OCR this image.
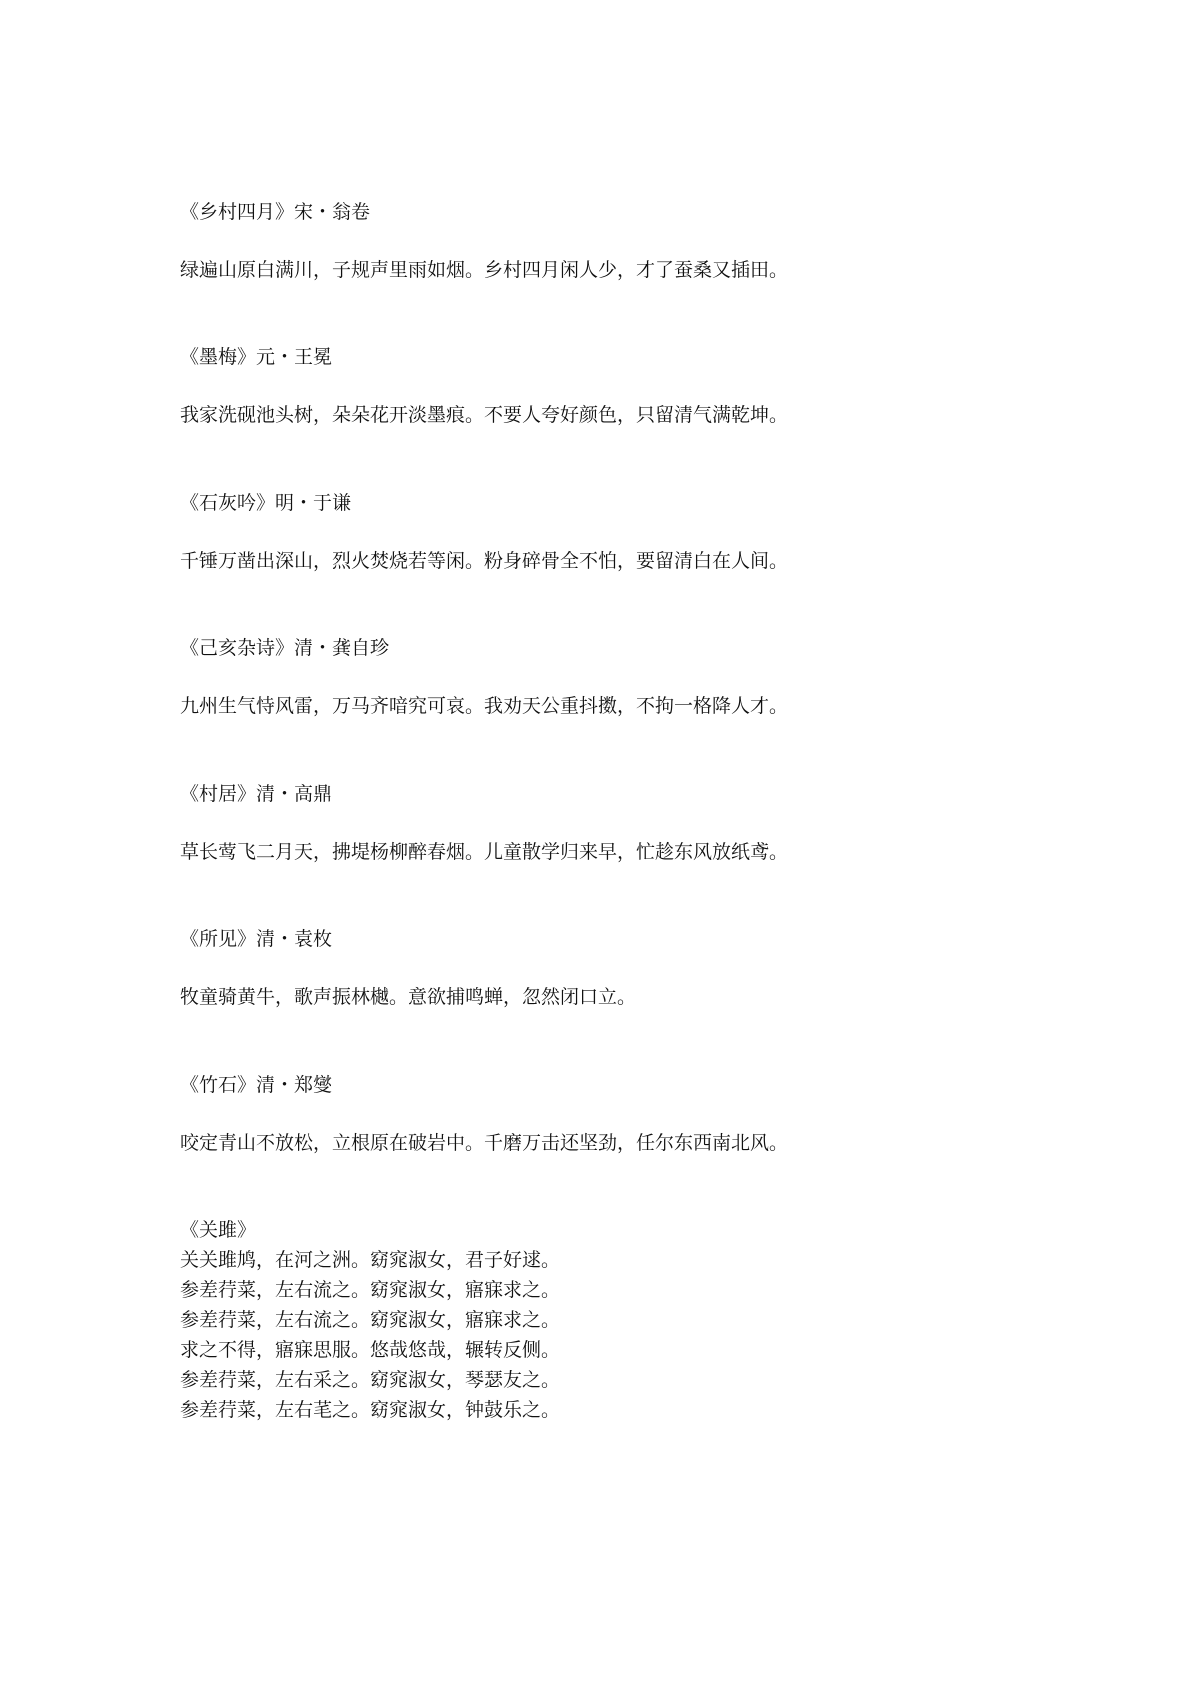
《乡村四月》宋・翁卷

绿遍山原白满川，子规声里雨如烟。乡村四月闲人少，才了蚕桑又插田。

《墨梅》元・王冕

我家洗砚池头树，朵朵花开淡墨痕。不要人夸好颜色，只留清气满乾坤。

《石灰吟》明・于谦

千锤万凿出深山，烈火焚烧若等闲。粉身碎骨全不怕，要留清白在人间。

《己亥杂诗》清・龚自珍

九州生气恃风雷，万马齐喑究可哀。我劝天公重抖擞，不拘一格降人才。

《村居》清・高鼎

草长莺飞二月天，拂堤杨柳醉春烟。儿童散学归来早，忙趁东风放纸鸢。

《所见》清・袁枚

牧童骑黄牛，歌声振林樾。意欲捕鸣蝉，忽然闭口立。

《竹石》清・郑燮

咬定青山不放松，立根原在破岩中。千磨万击还坚劲，任尔东西南北风。

《关雎》

关关雎鸠，在河之洲。窈窕淑女，君子好逑。

参差荇菜，左右流之。窈窕淑女，寤寐求之。

参差荇菜，左右流之。窈窕淑女，寤寐求之。

求之不得，寤寐思服。悠哉悠哉，辗转反侧。

参差荇菜，左右采之。窈窕淑女，琴瑟友之。

参差荇菜，左右芼之。窈窕淑女，钟鼓乐之。
